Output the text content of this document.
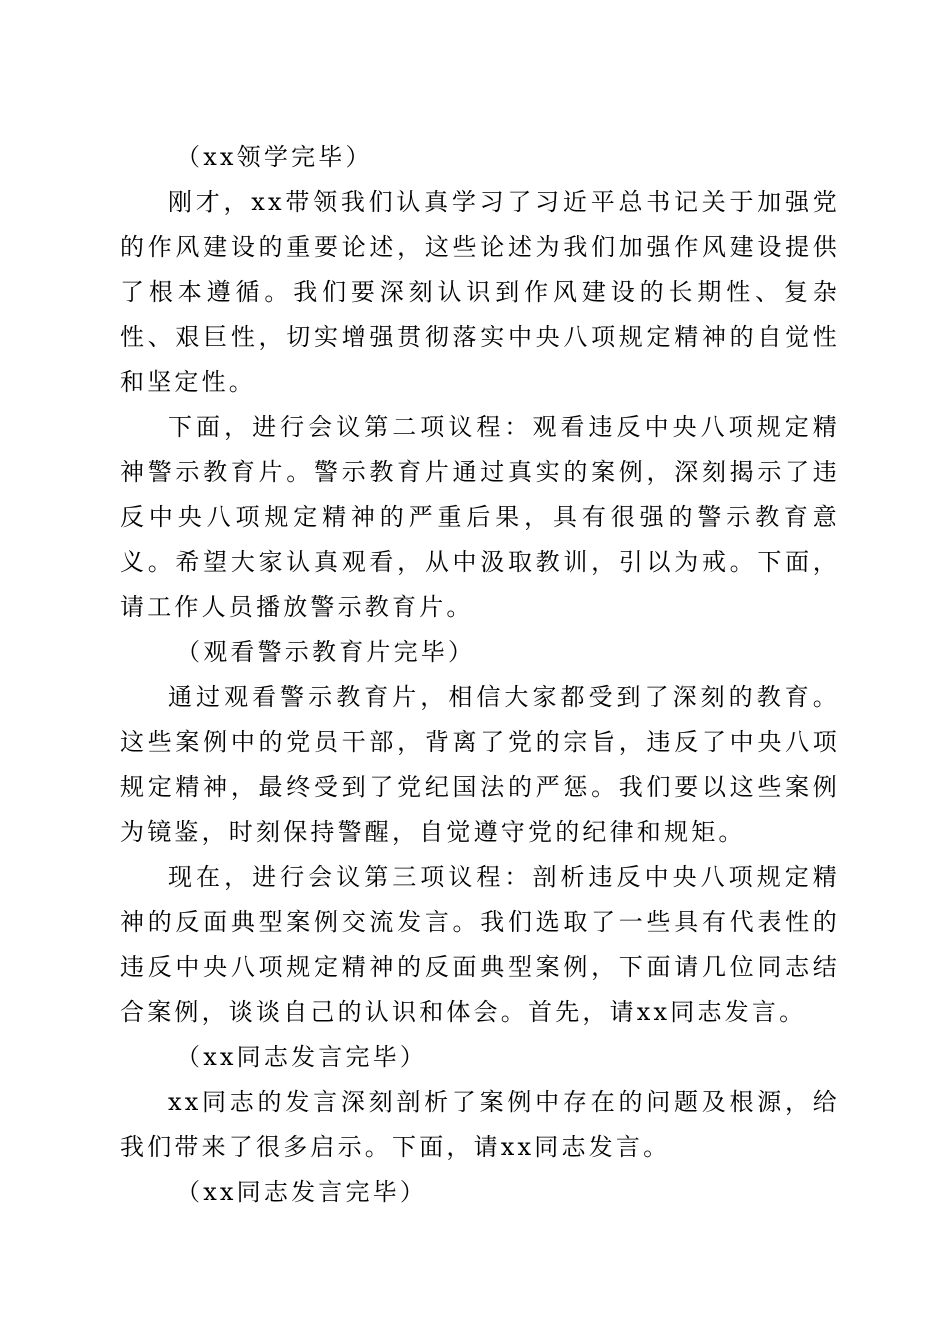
（xx领学完毕）

刚才，xx带领我们认真学习了习近平总书记关于加强党的作风建设的重要论述，这些论述为我们加强作风建设提供了根本遵循。我们要深刻认识到作风建设的长期性、复杂性、艰巨性，切实增强贯彻落实中央八项规定精神的自觉性和坚定性。

下面，进行会议第二项议程：观看违反中央八项规定精神警示教育片。警示教育片通过真实的案例，深刻揭示了违反中央八项规定精神的严重后果，具有很强的警示教育意义。希望大家认真观看，从中汲取教训，引以为戒。下面，请工作人员播放警示教育片。

（观看警示教育片完毕）

通过观看警示教育片，相信大家都受到了深刻的教育。这些案例中的党员干部，背离了党的宗旨，违反了中央八项规定精神，最终受到了党纪国法的严惩。我们要以这些案例为镜鉴，时刻保持警醒，自觉遵守党的纪律和规矩。

现在，进行会议第三项议程：剖析违反中央八项规定精神的反面典型案例交流发言。我们选取了一些具有代表性的违反中央八项规定精神的反面典型案例，下面请几位同志结合案例，谈谈自己的认识和体会。首先，请xx同志发言。

（xx同志发言完毕）

xx同志的发言深刻剖析了案例中存在的问题及根源，给我们带来了很多启示。下面，请xx同志发言。

（xx同志发言完毕）
